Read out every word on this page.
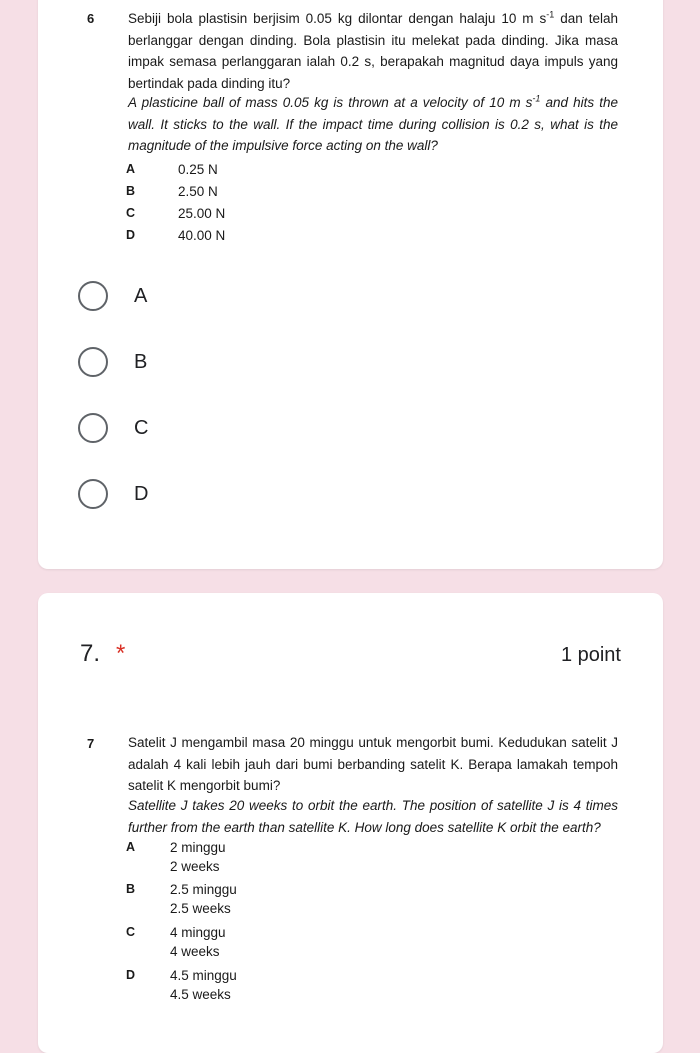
6	Sebiji bola plastisin berjisim 0.05 kg dilontar dengan halaju 10 m $s^{-1}$ dan telah berlanggar dengan dinding. Bola plastisin itu melekat pada dinding. Jika masa impak semasa perlanggaran ialah 0.2 s, berapakah magnitud daya impuls yang bertindak pada dinding itu?
A plasticine ball of mass 0.05 kg is thrown at a velocity of 10 m $s^{-1}$ and hits the wall. It sticks to the wall. If the impact time during collision is 0.2 s, what is the magnitude of the impulsive force acting on the wall?
A	0.25 N
B	2.50 N
C	25.00 N
D	40.00 N
A
B
C
D
7. *	1 point
7	Satelit J mengambil masa 20 minggu untuk mengorbit bumi. Kedudukan satelit J adalah 4 kali lebih jauh dari bumi berbanding satelit K. Berapa lamakah tempoh satelit K mengorbit bumi?
Satellite J takes 20 weeks to orbit the earth. The position of satellite J is 4 times further from the earth than satellite K. How long does satellite K orbit the earth?
A	2 minggu
2 weeks
B	2.5 minggu
2.5 weeks
C	4 minggu
4 weeks
D	4.5 minggu
4.5 weeks
